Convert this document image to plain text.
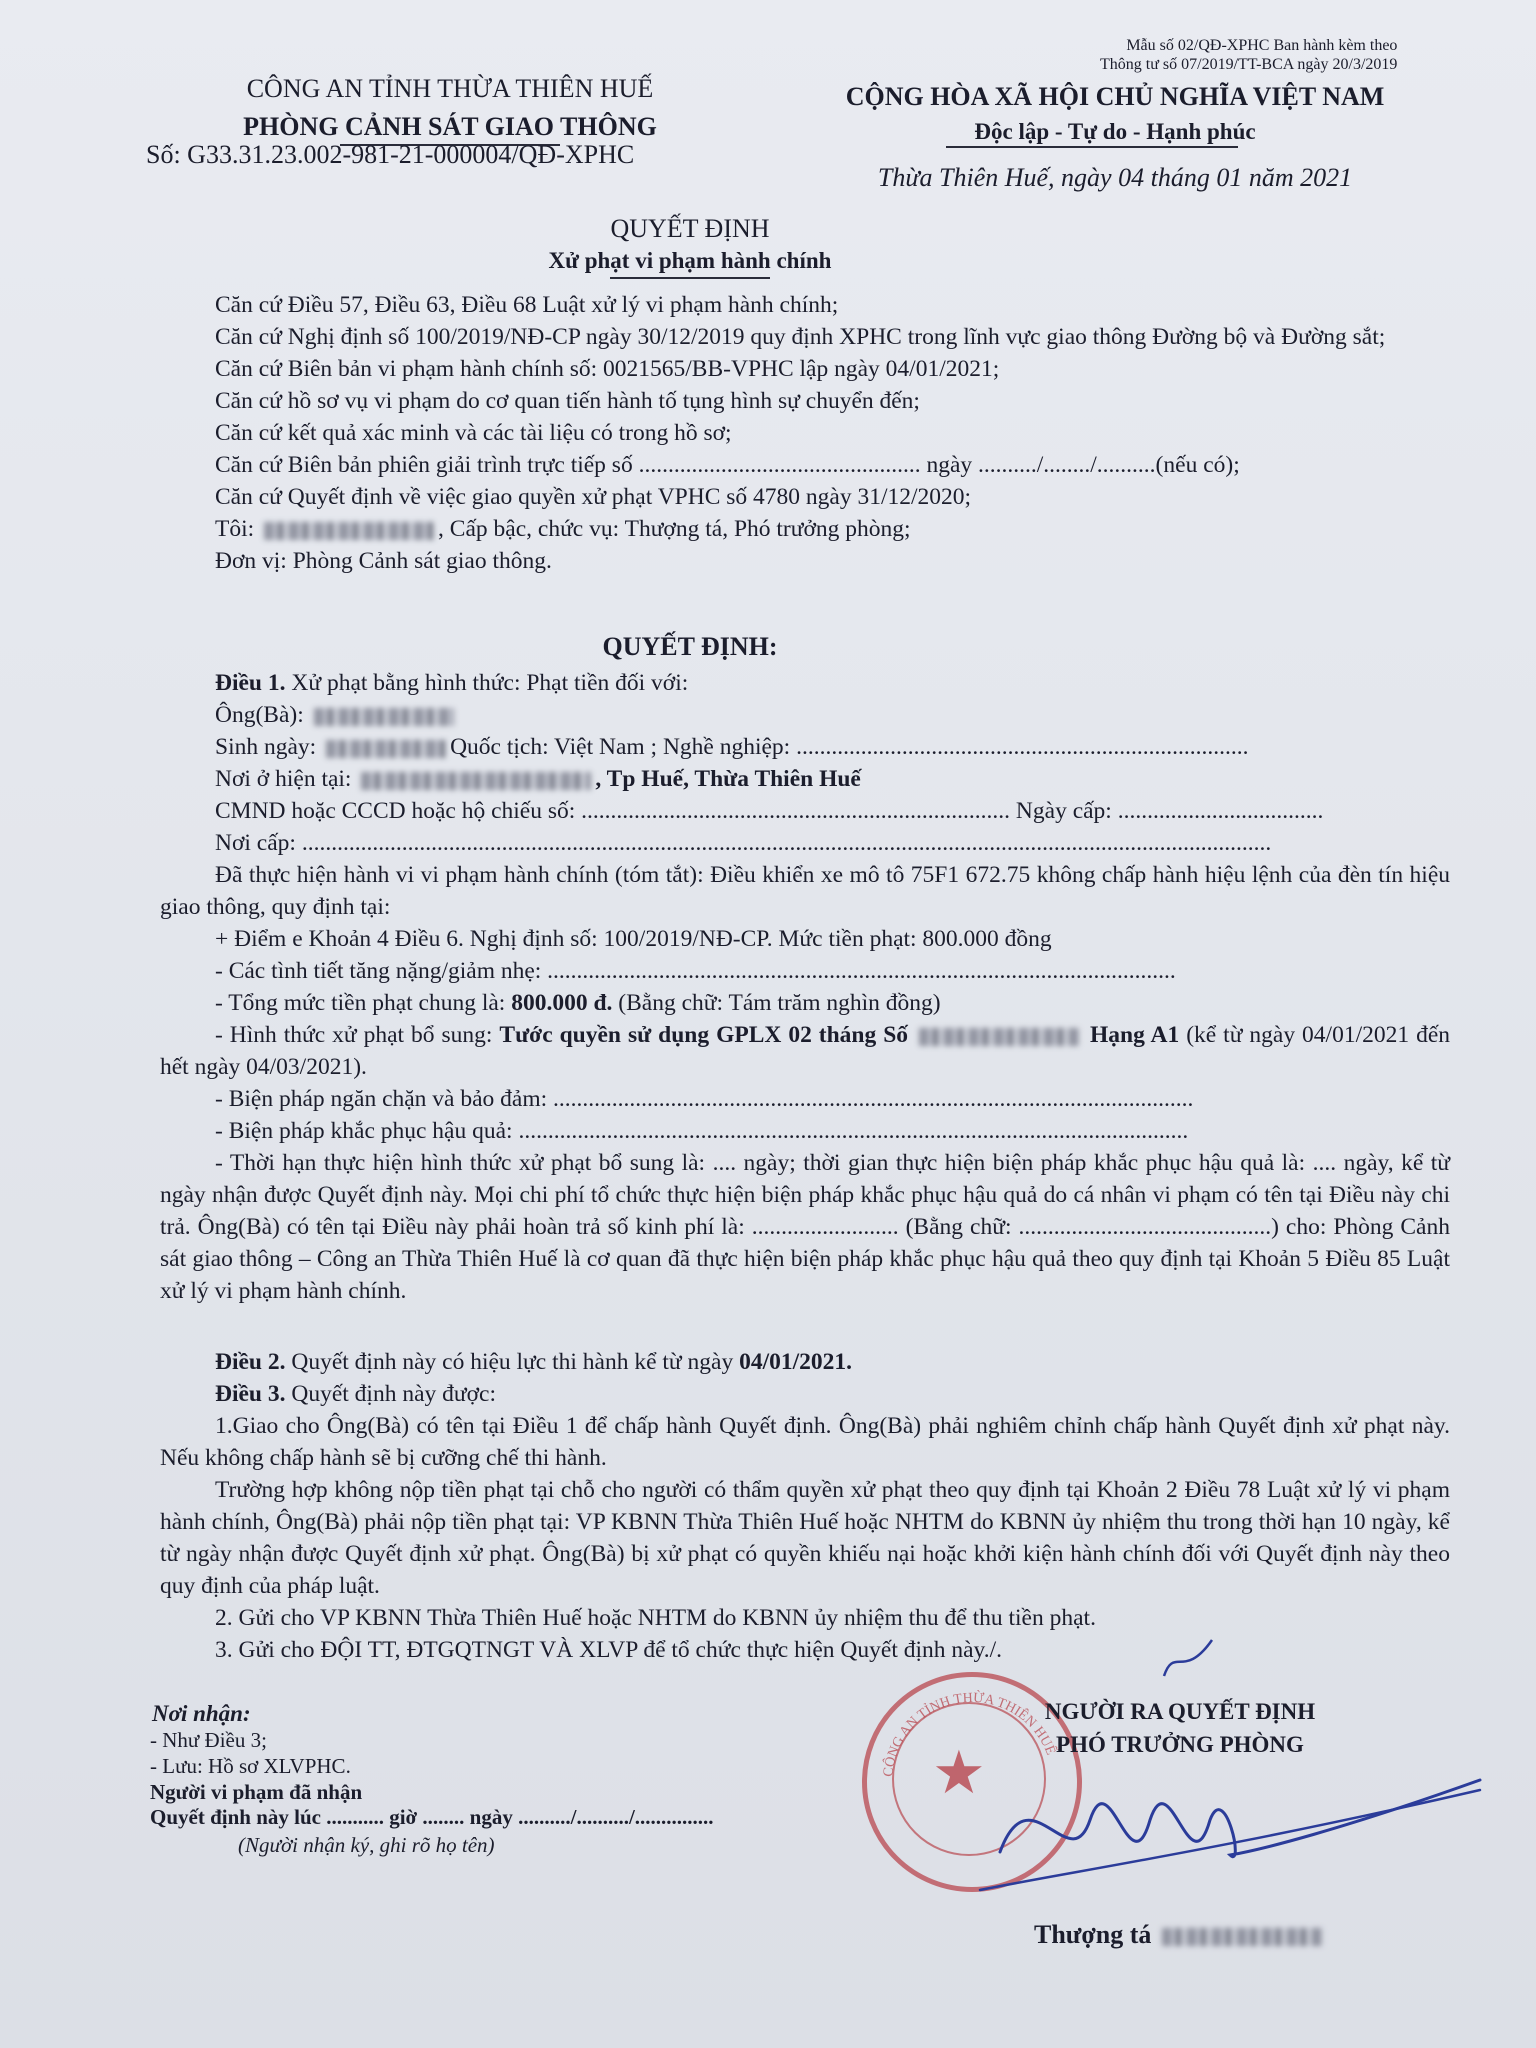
Mẫu số 02/QĐ-XPHC Ban hành kèm theo
Thông tư số 07/2019/TT-BCA ngày 20/3/2019
CÔNG AN TỈNH THỪA THIÊN HUẾ
PHÒNG CẢNH SÁT GIAO THÔNG
Số: G33.31.23.002-981-21-000004/QĐ-XPHC
CỘNG HÒA XÃ HỘI CHỦ NGHĨA VIỆT NAM
Độc lập - Tự do - Hạnh phúc
Thừa Thiên Huế, ngày 04 tháng 01 năm 2021
QUYẾT ĐỊNH
Xử phạt vi phạm hành chính
Căn cứ Điều 57, Điều 63, Điều 68 Luật xử lý vi phạm hành chính;
Căn cứ Nghị định số 100/2019/NĐ-CP ngày 30/12/2019 quy định XPHC trong lĩnh vực giao thông Đường bộ và Đường sắt;
Căn cứ Biên bản vi phạm hành chính số: 0021565/BB-VPHC lập ngày 04/01/2021;
Căn cứ hồ sơ vụ vi phạm do cơ quan tiến hành tố tụng hình sự chuyển đến;
Căn cứ kết quả xác minh và các tài liệu có trong hồ sơ;
Căn cứ Biên bản phiên giải trình trực tiếp số ................................................ ngày ........../......../..........(nếu có);
Căn cứ Quyết định về việc giao quyền xử phạt VPHC số 4780 ngày 31/12/2020;
Tôi:	, Cấp bậc, chức vụ: Thượng tá, Phó trưởng phòng;
Đơn vị: Phòng Cảnh sát giao thông.
QUYẾT ĐỊNH:
Điều 1. Xử phạt bằng hình thức: Phạt tiền đối với:
Ông(Bà):
Sinh ngày:	Quốc tịch: Việt Nam ; Nghề nghiệp: .............................................................................
Nơi ở hiện tại:	, Tp Huế, Thừa Thiên Huế
CMND hoặc CCCD hoặc hộ chiếu số: ......................................................................... Ngày cấp: ...................................
Nơi cấp: .....................................................................................................................................................................
Đã thực hiện hành vi vi phạm hành chính (tóm tắt): Điều khiển xe mô tô 75F1 672.75 không chấp hành hiệu lệnh của đèn tín hiệu giao thông, quy định tại:
+ Điểm e Khoản 4 Điều 6. Nghị định số: 100/2019/NĐ-CP. Mức tiền phạt: 800.000 đồng
- Các tình tiết tăng nặng/giảm nhẹ: ...........................................................................................................
- Tổng mức tiền phạt chung là: 800.000 đ. (Bằng chữ: Tám trăm nghìn đồng)
- Hình thức xử phạt bổ sung: Tước quyền sử dụng GPLX 02 tháng Số	Hạng A1 (kể từ ngày 04/01/2021 đến hết ngày 04/03/2021).
- Biện pháp ngăn chặn và bảo đảm: .............................................................................................................
- Biện pháp khắc phục hậu quả: ..................................................................................................................
- Thời hạn thực hiện hình thức xử phạt bổ sung là: .... ngày; thời gian thực hiện biện pháp khắc phục hậu quả là: .... ngày, kể từ ngày nhận được Quyết định này. Mọi chi phí tổ chức thực hiện biện pháp khắc phục hậu quả do cá nhân vi phạm có tên tại Điều này chi trả. Ông(Bà) có tên tại Điều này phải hoàn trả số kinh phí là: ......................... (Bằng chữ: ...........................................) cho: Phòng Cảnh sát giao thông – Công an Thừa Thiên Huế là cơ quan đã thực hiện biện pháp khắc phục hậu quả theo quy định tại Khoản 5 Điều 85 Luật xử lý vi phạm hành chính.
Điều 2. Quyết định này có hiệu lực thi hành kể từ ngày 04/01/2021.
Điều 3. Quyết định này được:
1.Giao cho Ông(Bà) có tên tại Điều 1 để chấp hành Quyết định. Ông(Bà) phải nghiêm chỉnh chấp hành Quyết định xử phạt này. Nếu không chấp hành sẽ bị cưỡng chế thi hành.
Trường hợp không nộp tiền phạt tại chỗ cho người có thẩm quyền xử phạt theo quy định tại Khoản 2 Điều 78 Luật xử lý vi phạm hành chính, Ông(Bà) phải nộp tiền phạt tại: VP KBNN Thừa Thiên Huế hoặc NHTM do KBNN ủy nhiệm thu trong thời hạn 10 ngày, kể từ ngày nhận được Quyết định xử phạt. Ông(Bà) bị xử phạt có quyền khiếu nại hoặc khởi kiện hành chính đối với Quyết định này theo quy định của pháp luật.
2. Gửi cho VP KBNN Thừa Thiên Huế hoặc NHTM do KBNN ủy nhiệm thu để thu tiền phạt.
3. Gửi cho ĐỘI TT, ĐTGQTNGT VÀ XLVP để tổ chức thực hiện Quyết định này./.
Nơi nhận:
- Như Điều 3;
- Lưu: Hồ sơ XLVPHC.
Người vi phạm đã nhận
Quyết định này lúc ........... giờ ........ ngày ........../........../...............
(Người nhận ký, ghi rõ họ tên)
★
CÔNG AN TỈNH THỪA THIÊN HUẾ
NGƯỜI RA QUYẾT ĐỊNH
PHÓ TRƯỞNG PHÒNG
Thượng tá
